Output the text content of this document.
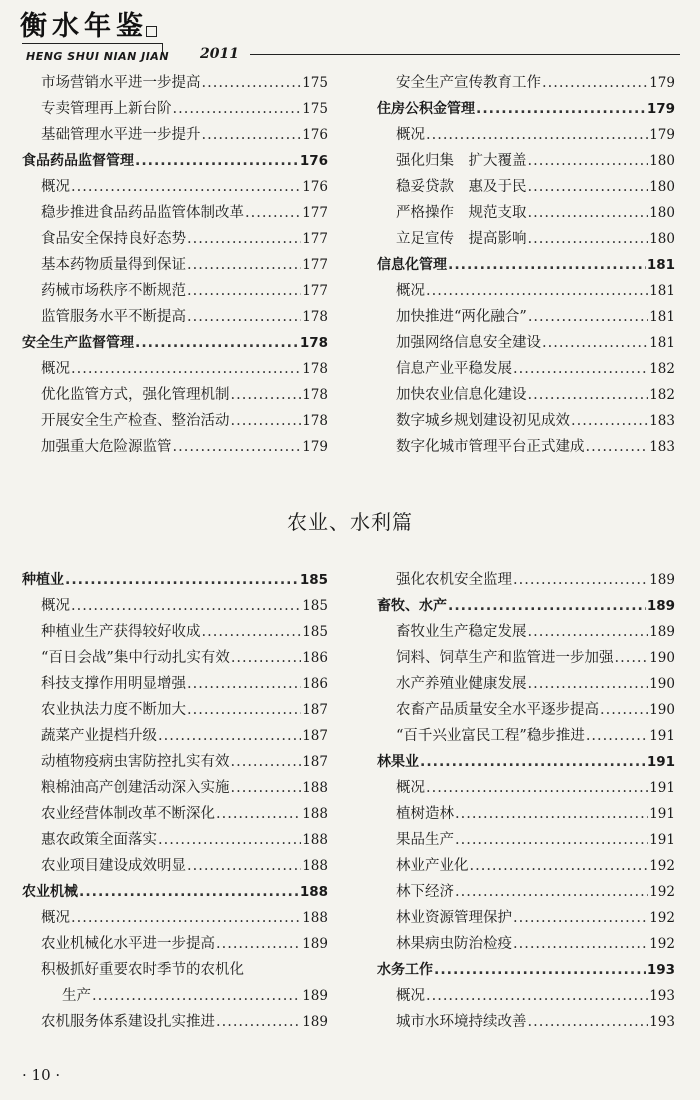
衡水年鉴
HENG SHUI NIAN JIAN 2011
市场营销水平进一步提高 .....	175
专卖管理再上新台阶 .....	175
基础管理水平进一步提升 .....	176
食品药品监督管理 .....	176
概况 .....	176
稳步推进食品药品监管体制改革 .....	177
食品安全保持良好态势 .....	177
基本药物质量得到保证 .....	177
药械市场秩序不断规范 .....	177
监管服务水平不断提高 .....	178
安全生产监督管理 .....	178
概况 .....	178
优化监管方式，强化管理机制 .....	178
开展安全生产检查、整治活动 .....	178
加强重大危险源监管 .....	179
安全生产宣传教育工作 .....	179
住房公积金管理 .....	179
概况 .....	179
强化归集　扩大覆盖 .....	180
稳妥贷款　惠及于民 .....	180
严格操作　规范支取 .....	180
立足宣传　提高影响 .....	180
信息化管理 .....	181
概况 .....	181
加快推进“两化融合” .....	181
加强网络信息安全建设 .....	181
信息产业平稳发展 .....	182
加快农业信息化建设 .....	182
数字城乡规划建设初见成效 .....	183
数字化城市管理平台正式建成 .....	183
农业、水利篇
种植业 .....	185
概况 .....	185
种植业生产获得较好收成 .....	185
“百日会战”集中行动扎实有效 .....	186
科技支撑作用明显增强 .....	186
农业执法力度不断加大 .....	187
蔬菜产业提档升级 .....	187
动植物疫病虫害防控扎实有效 .....	187
粮棉油高产创建活动深入实施 .....	188
农业经营体制改革不断深化 .....	188
惠农政策全面落实 .....	188
农业项目建设成效明显 .....	188
农业机械 .....	188
概况 .....	188
农业机械化水平进一步提高 .....	189
积极抓好重要农时季节的农机化
生产 .....	189
农机服务体系建设扎实推进 .....	189
强化农机安全监理 .....	189
畜牧、水产 .....	189
畜牧业生产稳定发展 .....	189
饲料、饲草生产和监管进一步加强 .....	190
水产养殖业健康发展 .....	190
农畜产品质量安全水平逐步提高 .....	190
“百千兴业富民工程”稳步推进 .....	191
林果业 .....	191
概况 .....	191
植树造林 .....	191
果品生产 .....	191
林业产业化 .....	192
林下经济 .....	192
林业资源管理保护 .....	192
林果病虫防治检疫 .....	192
水务工作 .....	193
概况 .....	193
城市水环境持续改善 .....	193
· 10 ·
